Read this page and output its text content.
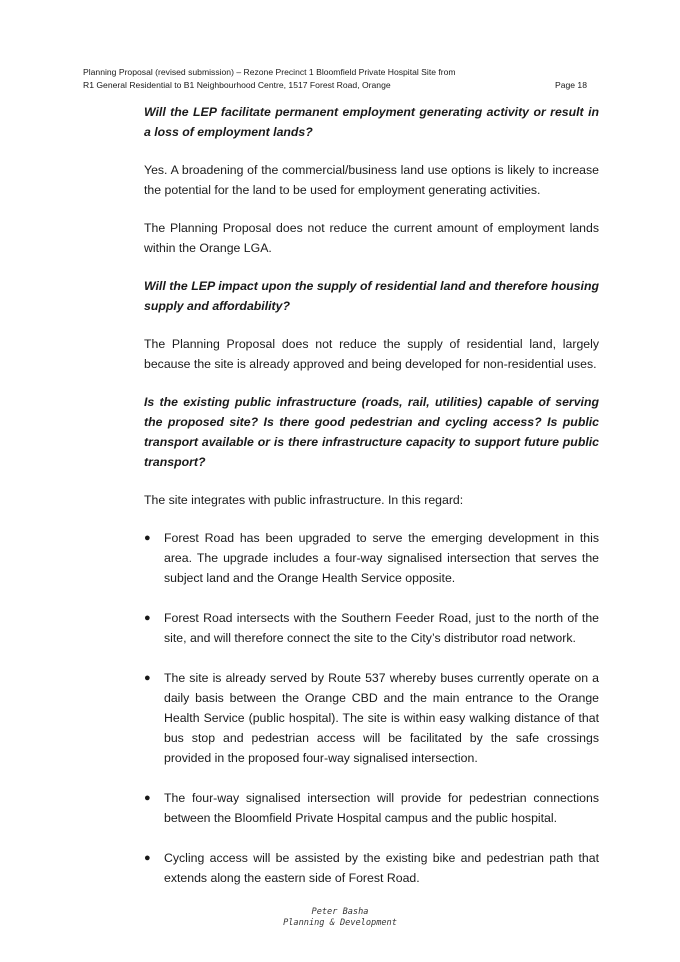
Planning Proposal (revised submission) – Rezone Precinct 1 Bloomfield Private Hospital Site from
R1 General Residential to B1 Neighbourhood Centre, 1517 Forest Road, Orange	Page 18

Will the LEP facilitate permanent employment generating activity or result in a loss of employment lands?

Yes. A broadening of the commercial/business land use options is likely to increase the potential for the land to be used for employment generating activities.

The Planning Proposal does not reduce the current amount of employment lands within the Orange LGA.

Will the LEP impact upon the supply of residential land and therefore housing supply and affordability?

The Planning Proposal does not reduce the supply of residential land, largely because the site is already approved and being developed for non-residential uses.

Is the existing public infrastructure (roads, rail, utilities) capable of serving the proposed site? Is there good pedestrian and cycling access? Is public transport available or is there infrastructure capacity to support future public transport?

The site integrates with public infrastructure. In this regard:

●	Forest Road has been upgraded to serve the emerging development in this area. The upgrade includes a four-way signalised intersection that serves the subject land and the Orange Health Service opposite.
●	Forest Road intersects with the Southern Feeder Road, just to the north of the site, and will therefore connect the site to the City’s distributor road network.
●	The site is already served by Route 537 whereby buses currently operate on a daily basis between the Orange CBD and the main entrance to the Orange Health Service (public hospital). The site is within easy walking distance of that bus stop and pedestrian access will be facilitated by the safe crossings provided in the proposed four-way signalised intersection.
●	The four-way signalised intersection will provide for pedestrian connections between the Bloomfield Private Hospital campus and the public hospital.
●	Cycling access will be assisted by the existing bike and pedestrian path that extends along the eastern side of Forest Road.
Peter Basha
Planning & Development
